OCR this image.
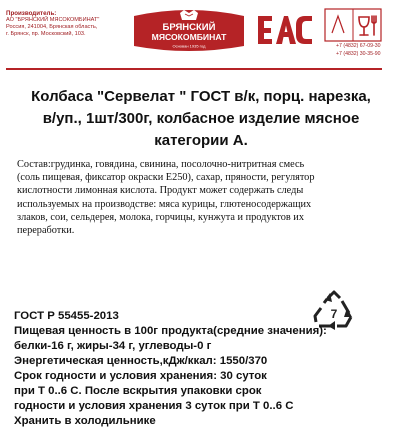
Производитель:
АО "БРЯНСКИЙ МЯСОКОМБИНАТ"
Россия, 241004, Брянская область,
г. Брянск, пр. Московский, 103.
БРЯНСКИЙ
МЯСОКОМБИНАТ
Основан 1935 год	+7 (4832) 67-09-30
+7 (4832) 30-35-90
Колбаса "Сервелат " ГОСТ в/к, порц. нарезка,
в/уп., 1шт/300г, колбасное изделие мясное
категории А.
Состав:грудинка, говядина, свинина, посолочно-нитритная смесь
(соль пищевая, фиксатор окраски Е250), сахар, пряности, регулятор
кислотности лимонная кислота. Продукт может содержать следы
используемых на производстве: мяса курицы, глютеносодержащих
злаков, сои, сельдерея, молока, горчицы, кунжута и продуктов их
переработки.
7
ГОСТ Р 55455-2013
Пищевая ценность в 100г продукта(средние значения):
белки-16 г, жиры-34 г, углеводы-0 г
Энергетическая ценность,кДж/ккал: 1550/370
Срок годности и условия хранения: 30 суток
при Т 0..6 С. После вскрытия упаковки срок
годности и условия хранения 3 суток при Т 0..6 С
Хранить в холодильнике
